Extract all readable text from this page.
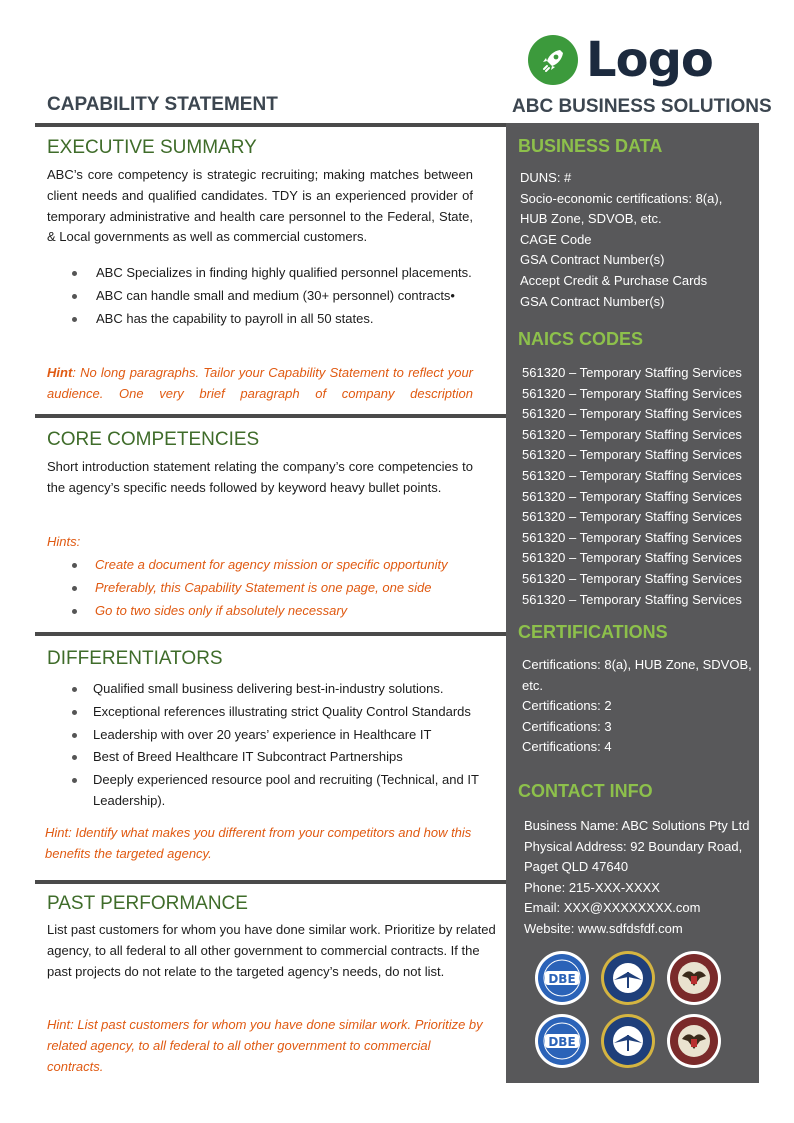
Logo
ABC BUSINESS SOLUTIONS
CAPABILITY STATEMENT
BUSINESS DATA
DUNS: #
Socio-economic certifications: 8(a),
HUB Zone, SDVOB, etc.
CAGE Code
GSA Contract Number(s)
Accept Credit & Purchase Cards
GSA Contract Number(s)
NAICS CODES
561320 – Temporary Staffing Services
561320 – Temporary Staffing Services
561320 – Temporary Staffing Services
561320 – Temporary Staffing Services
561320 – Temporary Staffing Services
561320 – Temporary Staffing Services
561320 – Temporary Staffing Services
561320 – Temporary Staffing Services
561320 – Temporary Staffing Services
561320 – Temporary Staffing Services
561320 – Temporary Staffing Services
561320 – Temporary Staffing Services
CERTIFICATIONS
Certifications: 8(a), HUB Zone, SDVOB,
etc.
Certifications: 2
Certifications: 3
Certifications: 4
CONTACT INFO
Business Name: ABC Solutions Pty Ltd
Physical Address: 92 Boundary Road,
Paget QLD 47640
Phone: 215-XXX-XXXX
Email: XXX@XXXXXXXX.com
Website: www.sdfdsfdf.com
DBE
DBE
EXECUTIVE SUMMARY
ABC’s core competency is strategic recruiting; making matches between client needs and qualified candidates. TDY is an experienced provider of temporary administrative and health care personnel to the Federal, State, & Local governments as well as commercial customers.
ABC Specializes in finding highly qualified personnel placements.
ABC can handle small and medium (30+ personnel) contracts•
ABC has the capability to payroll in all 50 states.
Hint: No long paragraphs. Tailor your Capability Statement to reflect your audience. One very brief paragraph of company description
CORE COMPETENCIES
Short introduction statement relating the company’s core competencies to the agency’s specific needs followed by keyword heavy bullet points.
Hints:
Create a document for agency mission or specific opportunity
Preferably, this Capability Statement is one page, one side
Go to two sides only if absolutely necessary
DIFFERENTIATORS
Qualified small business delivering best-in-industry solutions.
Exceptional references illustrating strict Quality Control Standards
Leadership with over 20 years’ experience in Healthcare IT
Best of Breed Healthcare IT Subcontract Partnerships
Deeply experienced resource pool and recruiting (Technical, and IT Leadership).
Hint: Identify what makes you different from your competitors and how this benefits the targeted agency.
PAST PERFORMANCE
List past customers for whom you have done similar work. Prioritize by related agency, to all federal to all other government to commercial contracts. If the past projects do not relate to the targeted agency’s needs, do not list.
Hint: List past customers for whom you have done similar work. Prioritize by related agency, to all federal to all other government to commercial contracts.
